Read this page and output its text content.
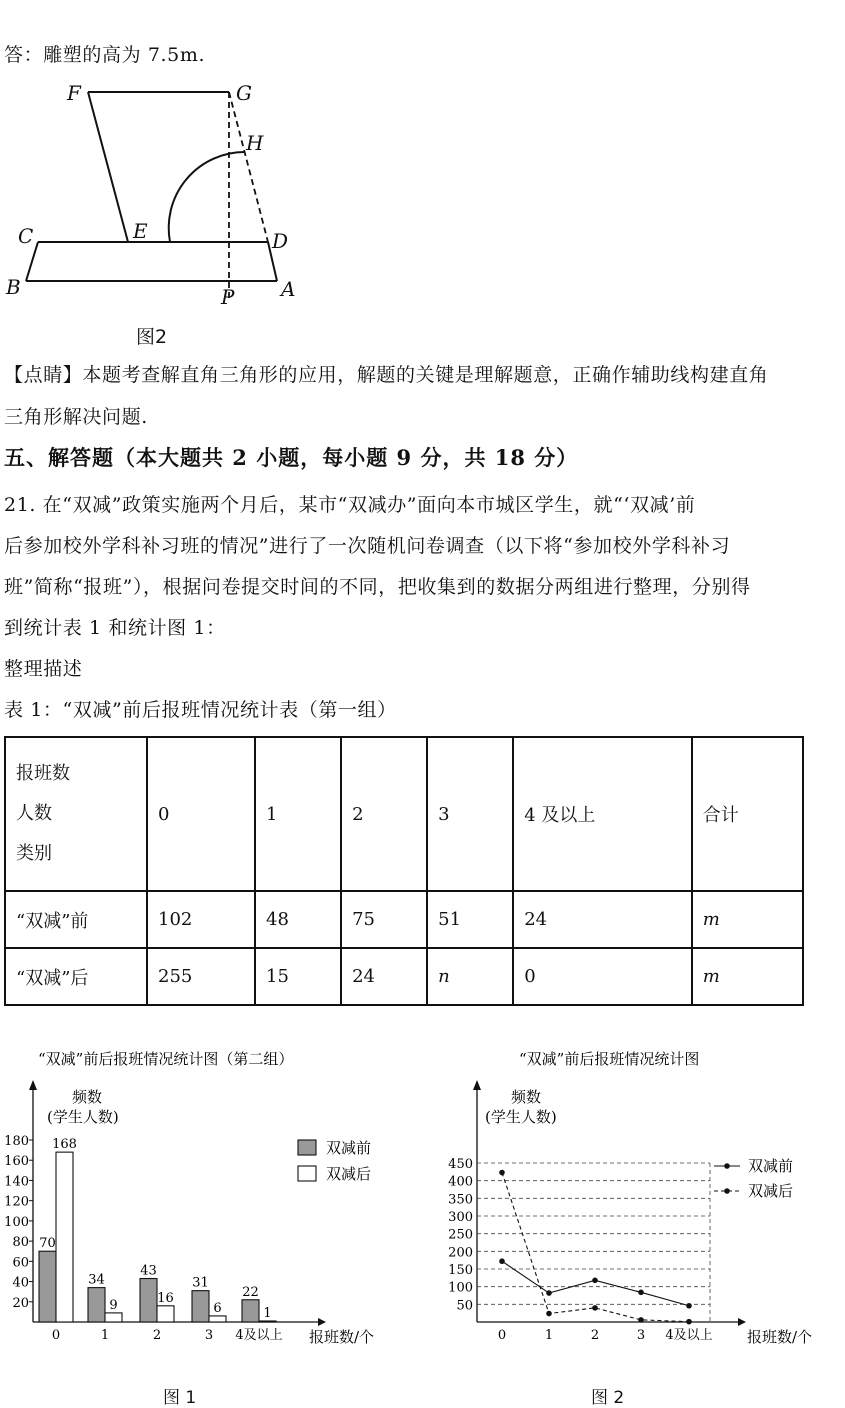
答：雕塑的高为 7.5m.
F	G
H
C	E	D
B	P A
图2
【点睛】本题考查解直角三角形的应用，解题的关键是理解题意，正确作辅助线构建直角
三角形解决问题.
五、解答题（本大题共 2 小题，每小题 9 分，共 18 分）
21. 在“双减”政策实施两个月后，某市“双减办”面向本市城区学生，就“‘双减’前
后参加校外学科补习班的情况”进行了一次随机问卷调查（以下将“参加校外学科补习
班”简称“报班”），根据问卷提交时间的不同，把收集到的数据分两组进行整理，分别得
到统计表 1 和统计图 1：
整理描述
表 1：“双减”前后报班情况统计表（第一组）
报班数
人数
类别	0	1	2	3	4 及以上	合计
“双减”前	102	48	75	51	24	m
“双减”后	255	15	24	n	0	m
“双减”前后报班情况统计图（第二组）
频数
(学生人数)
20
40
60
80
100
120
140
160
180
70
168
0
34
9
1
43
16
2
31
6
3
22
1
4及以上 报班数/个
双减前
双减后
“双减”前后报班情况统计图
频数
(学生人数)
50
100
150
200
250
300
350
400
450
0	1	2	3 4及以上 报班数/个
双减前
双减后
图 1	图 2
